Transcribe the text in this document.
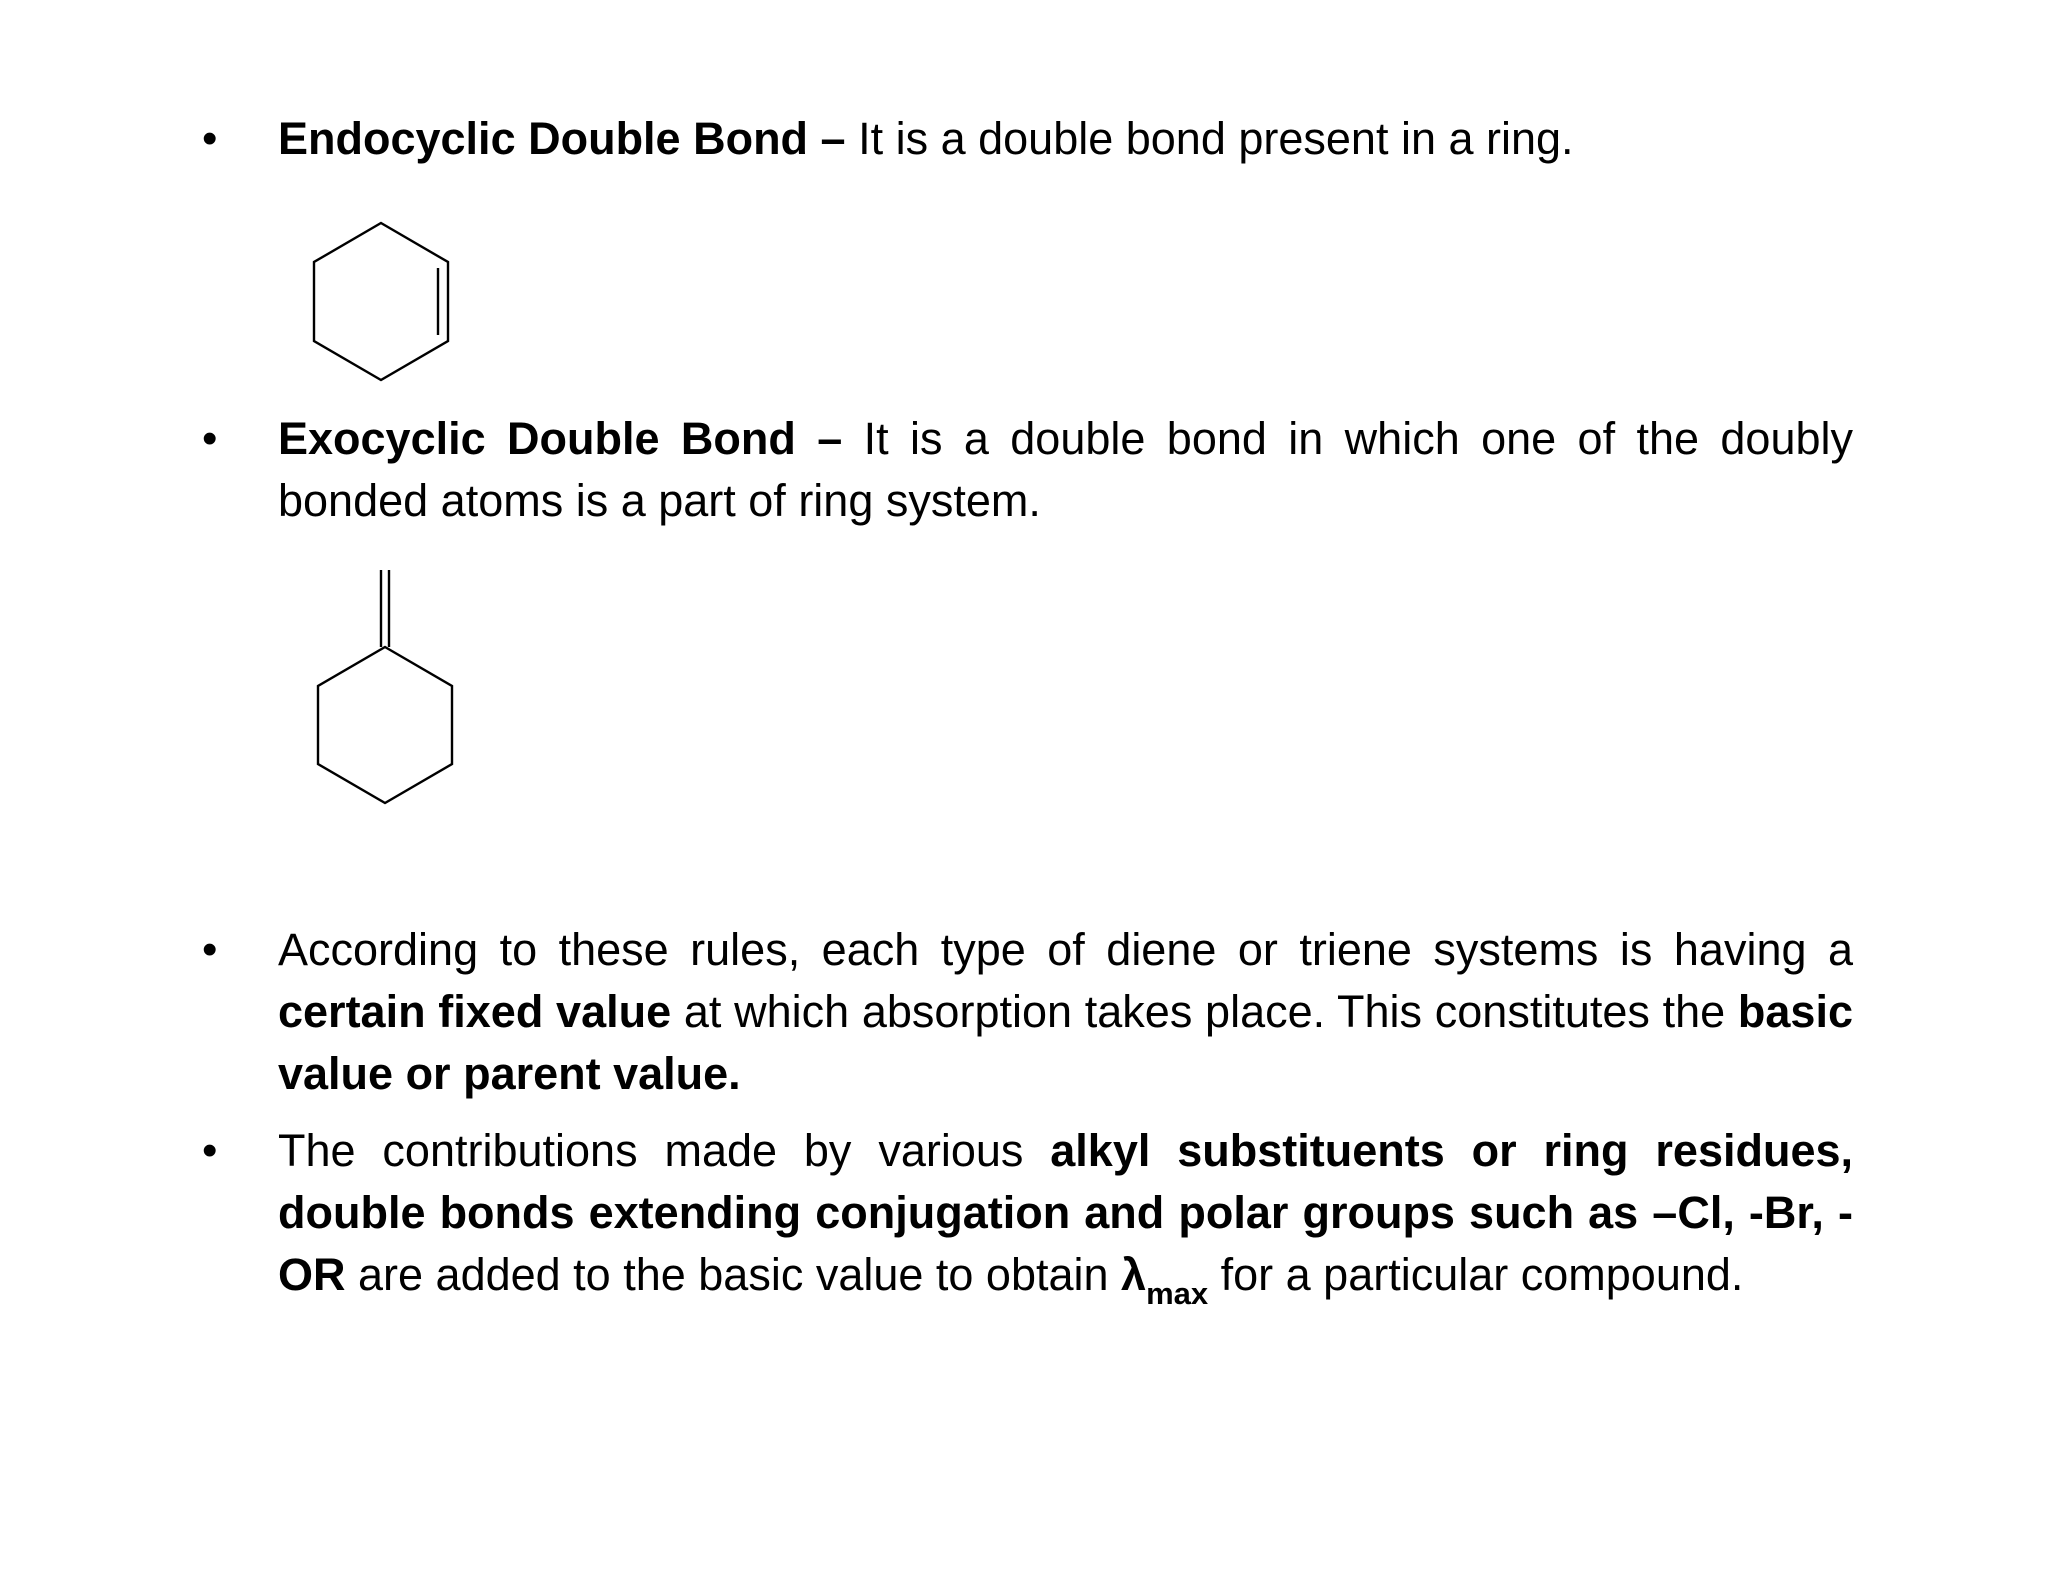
• Endocyclic Double Bond – It is a double bond present in a ring.
• Exocyclic Double Bond – It is a double bond in which one of the doubly bonded atoms is a part of ring system.
• According to these rules, each type of diene or triene systems is having a certain fixed value at which absorption takes place. This constitutes the basic value or parent value.
• The contributions made by various alkyl substituents or ring residues, double bonds extending conjugation and polar groups such as –Cl, -Br, -OR are added to the basic value to obtain $\lambda_{max}$ for a particular compound.
